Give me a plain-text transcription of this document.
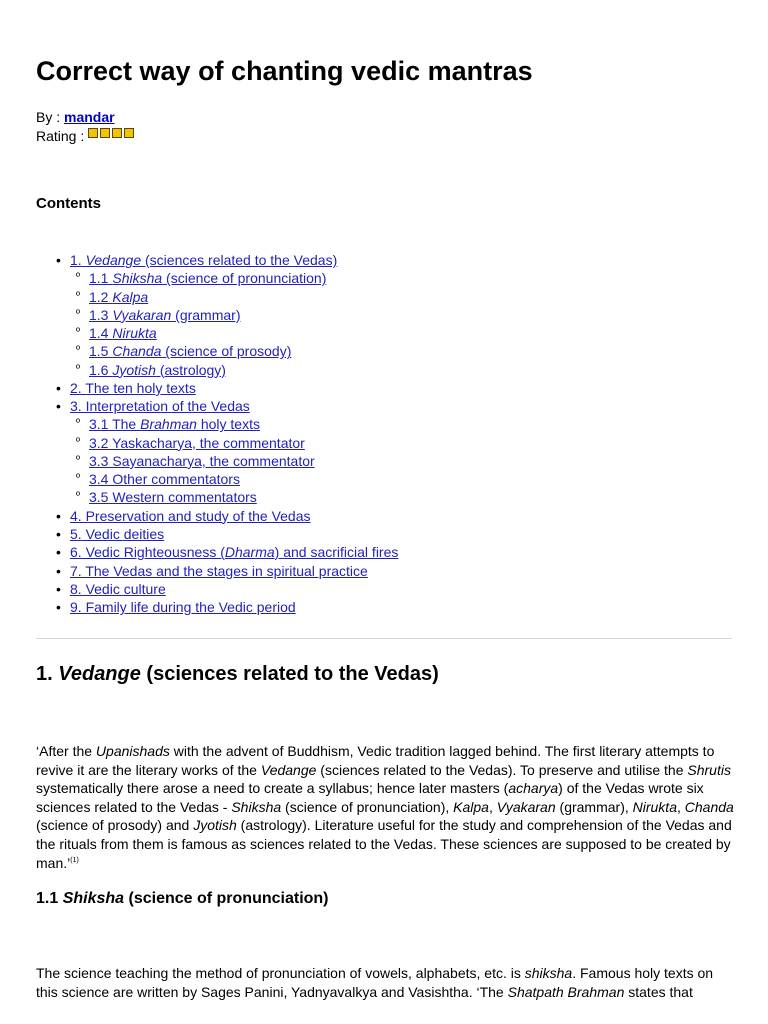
Correct way of chanting vedic mantras
By : mandar
Rating :
Contents
• 1. Vedange (sciences related to the Vedas)
º 1.1 Shiksha (science of pronunciation)
º 1.2 Kalpa
º 1.3 Vyakaran (grammar)
º 1.4 Nirukta
º 1.5 Chanda (science of prosody)
º 1.6 Jyotish (astrology)
• 2. The ten holy texts
• 3. Interpretation of the Vedas
º 3.1 The Brahman holy texts
º 3.2 Yaskacharya, the commentator
º 3.3 Sayanacharya, the commentator
º 3.4 Other commentators
º 3.5 Western commentators
• 4. Preservation and study of the Vedas
• 5. Vedic deities
• 6. Vedic Righteousness (Dharma) and sacrificial fires
• 7. The Vedas and the stages in spiritual practice
• 8. Vedic culture
• 9. Family life during the Vedic period
1. Vedange (sciences related to the Vedas)

‘After the Upanishads with the advent of Buddhism, Vedic tradition lagged behind. The first literary attempts to revive it are the literary works of the Vedange (sciences related to the Vedas). To preserve and utilise the Shrutis systematically there arose a need to create a syllabus; hence later masters (acharya) of the Vedas wrote six sciences related to the Vedas - Shiksha (science of pronunciation), Kalpa, Vyakaran (grammar), Nirukta, Chanda (science of prosody) and Jyotish (astrology). Literature useful for the study and comprehension of the Vedas and the rituals from them is famous as sciences related to the Vedas. These sciences are supposed to be created by man.’$^{(1)}$

1.1 Shiksha (science of pronunciation)

The science teaching the method of pronunciation of vowels, alphabets, etc. is shiksha. Famous holy texts on this science are written by Sages Panini, Yadnyavalkya and Vasishtha. ‘The Shatpath Brahman states that
